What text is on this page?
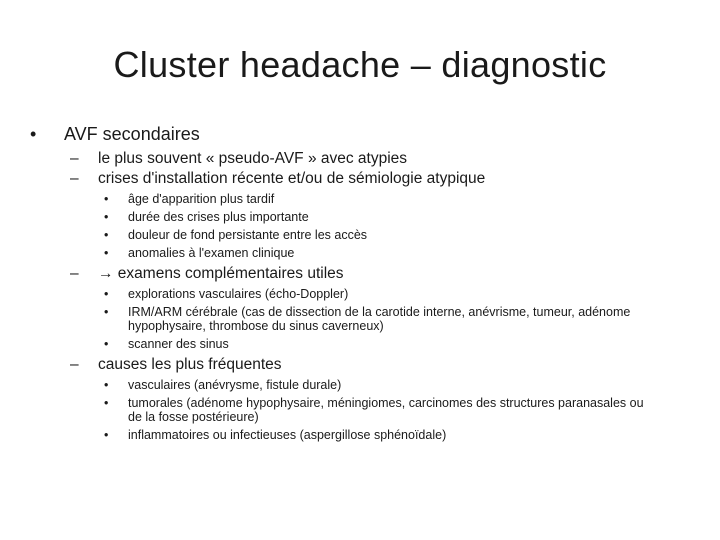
Cluster headache – diagnostic
•	AVF secondaires
–	le plus souvent « pseudo-AVF » avec atypies
–	crises d'installation récente et/ou de sémiologie atypique
•	âge d'apparition plus tardif
•	durée des crises plus importante
•	douleur de fond persistante entre les accès
•	anomalies à l'examen clinique
–	→ examens complémentaires utiles
•	explorations vasculaires (écho-Doppler)
•	IRM/ARM cérébrale (cas de dissection de la carotide interne, anévrisme, tumeur, adénome hypophysaire, thrombose du sinus caverneux)
•	scanner des sinus
–	causes les plus fréquentes
•	vasculaires (anévrysme, fistule durale)
•	tumorales (adénome hypophysaire, méningiomes, carcinomes des structures paranasales ou de la fosse postérieure)
•	inflammatoires ou infectieuses (aspergillose sphénoïdale)
